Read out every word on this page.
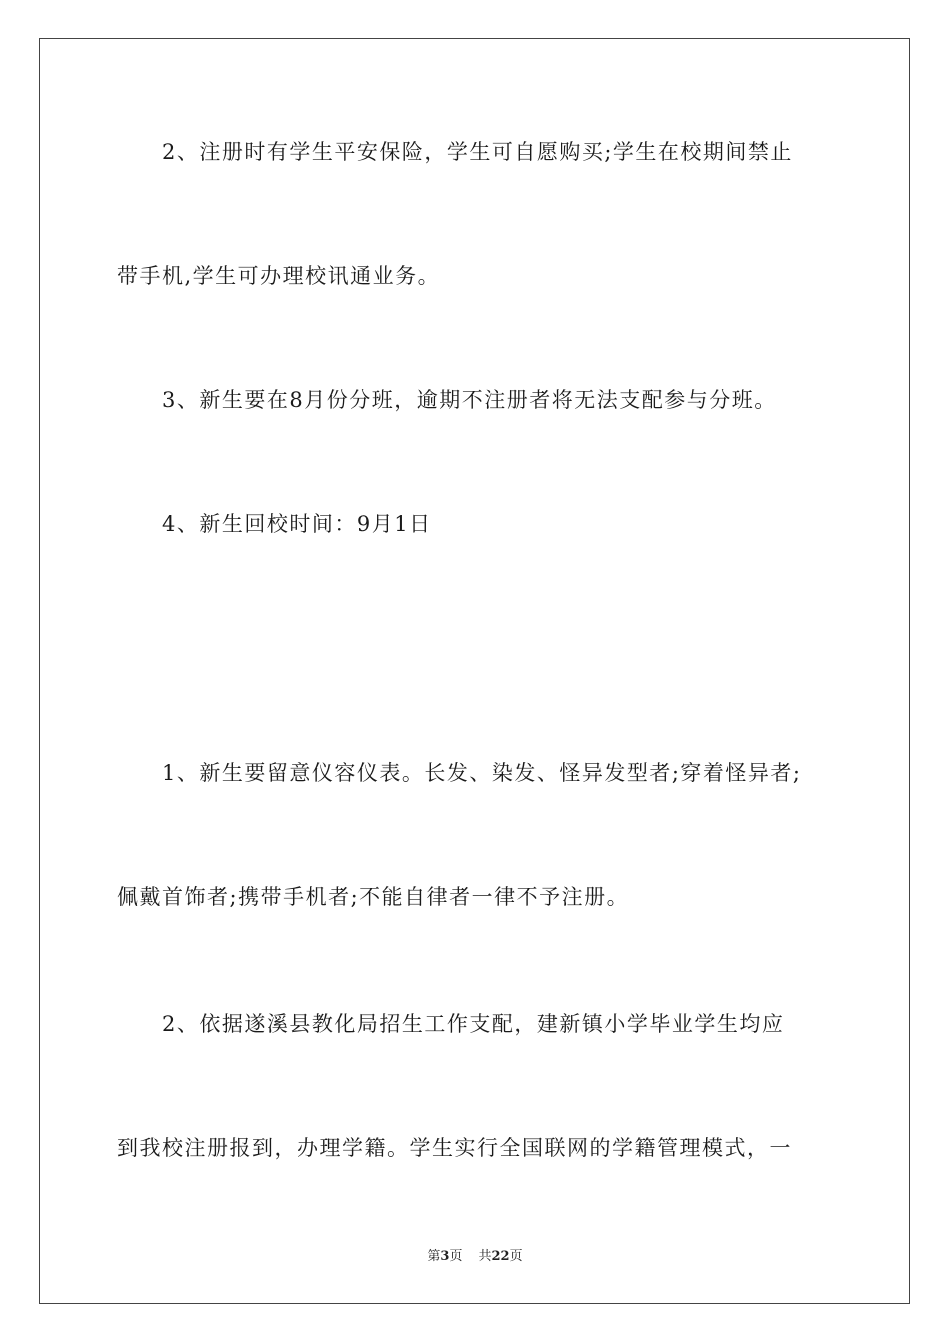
2、注册时有学生平安保险，学生可自愿购买;学生在校期间禁止
带手机,学生可办理校讯通业务。
3、新生要在8月份分班，逾期不注册者将无法支配参与分班。
4、新生回校时间：9月1日
1、新生要留意仪容仪表。长发、染发、怪异发型者;穿着怪异者;
佩戴首饰者;携带手机者;不能自律者一律不予注册。
2、依据遂溪县教化局招生工作支配，建新镇小学毕业学生均应
到我校注册报到，办理学籍。学生实行全国联网的学籍管理模式，一
第3页 共22页
